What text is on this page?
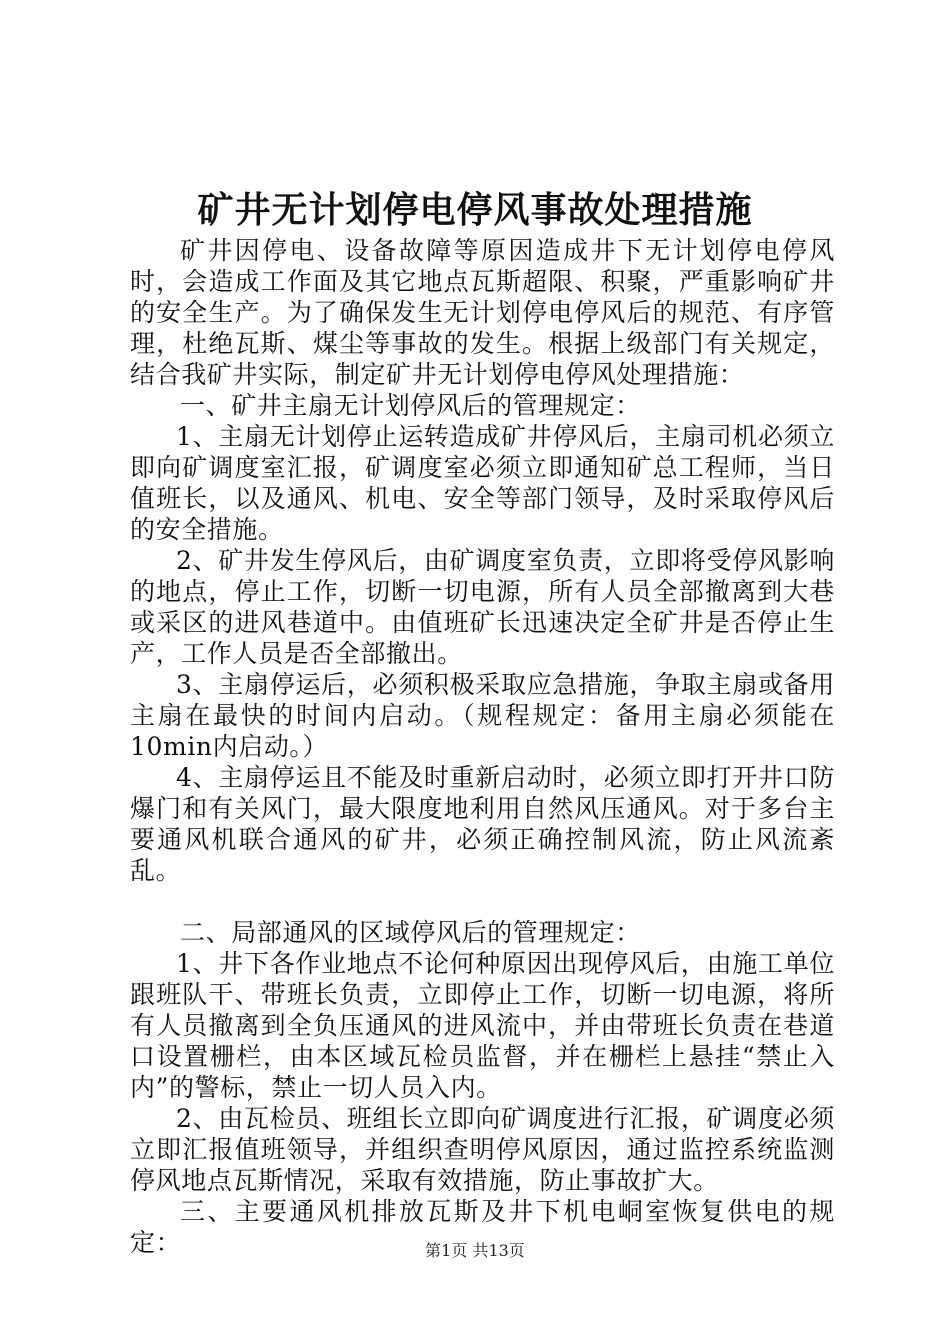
矿井无计划停电停风事故处理措施

矿井因停电、设备故障等原因造成井下无计划停电停风时，会造成工作面及其它地点瓦斯超限、积聚，严重影响矿井的安全生产。为了确保发生无计划停电停风后的规范、有序管理，杜绝瓦斯、煤尘等事故的发生。根据上级部门有关规定，结合我矿井实际，制定矿井无计划停电停风处理措施：

一、矿井主扇无计划停风后的管理规定：

1、主扇无计划停止运转造成矿井停风后，主扇司机必须立即向矿调度室汇报，矿调度室必须立即通知矿总工程师，当日值班长，以及通风、机电、安全等部门领导，及时采取停风后的安全措施。

2、矿井发生停风后，由矿调度室负责，立即将受停风影响的地点，停止工作，切断一切电源，所有人员全部撤离到大巷或采区的进风巷道中。由值班矿长迅速决定全矿井是否停止生产，工作人员是否全部撤出。

3、主扇停运后，必须积极采取应急措施，争取主扇或备用主扇在最快的时间内启动。（规程规定：备用主扇必须能在10min内启动。）

4、主扇停运且不能及时重新启动时，必须立即打开井口防爆门和有关风门，最大限度地利用自然风压通风。对于多台主要通风机联合通风的矿井，必须正确控制风流，防止风流紊乱。

二、局部通风的区域停风后的管理规定：

1、井下各作业地点不论何种原因出现停风后，由施工单位跟班队干、带班长负责，立即停止工作，切断一切电源，将所有人员撤离到全负压通风的进风流中，并由带班长负责在巷道口设置栅栏，由本区域瓦检员监督，并在栅栏上悬挂“禁止入内”的警标，禁止一切人员入内。

2、由瓦检员、班组长立即向矿调度进行汇报，矿调度必须立即汇报值班领导，并组织查明停风原因，通过监控系统监测停风地点瓦斯情况，采取有效措施，防止事故扩大。

三、主要通风机排放瓦斯及井下机电峒室恢复供电的规定：	第1页 共13页
